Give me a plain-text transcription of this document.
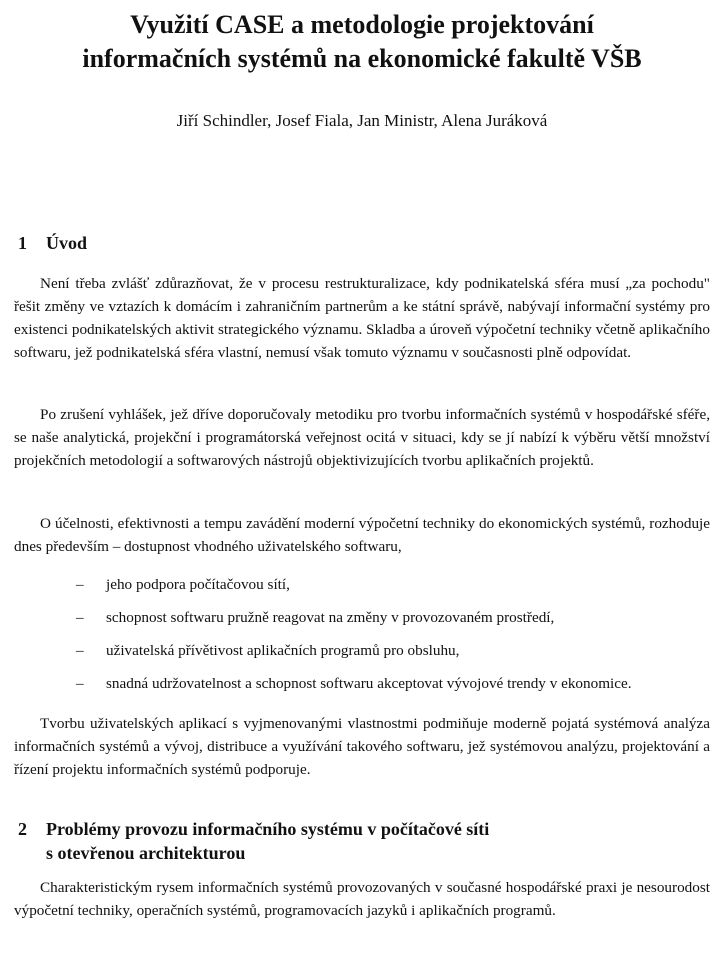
Využití CASE a metodologie projektování
informačních systémů na ekonomické fakultě VŠB
Jiří Schindler, Josef Fiala, Jan Ministr, Alena Juráková
1	Úvod

Není třeba zvlášť zdůrazňovat, že v procesu restrukturalizace, kdy podnikatelská sféra musí „za pochodu" řešit změny ve vztazích k domácím i zahraničním partnerům a ke státní správě, nabývají informační systémy pro existenci podnikatelských aktivit strategického významu. Skladba a úroveň výpočetní techniky včetně aplikačního softwaru, jež podnikatelská sféra vlastní, nemusí však tomuto významu v současnosti plně odpovídat.

Po zrušení vyhlášek, jež dříve doporučovaly metodiku pro tvorbu informačních systémů v hospodářské sféře, se naše analytická, projekční i programátorská veřejnost ocitá v situaci, kdy se jí nabízí k výběru větší množství projekčních metodologií a softwarových nástrojů objektivizujících tvorbu aplikačních projektů.

O účelnosti, efektivnosti a tempu zavádění moderní výpočetní techniky do ekonomických systémů, rozhoduje dnes především – dostupnost vhodného uživatelského softwaru,

– jeho podpora počítačovou sítí,
– schopnost softwaru pružně reagovat na změny v provozovaném prostředí,
– uživatelská přívětivost aplikačních programů pro obsluhu,
– snadná udržovatelnost a schopnost softwaru akceptovat vývojové trendy v ekonomice.

Tvorbu uživatelských aplikací s vyjmenovanými vlastnostmi podmiňuje moderně pojatá systémová analýza informačních systémů a vývoj, distribuce a využívání takového softwaru, jež systémovou analýzu, projektování a řízení projektu informačních systémů podporuje.

2	Problémy provozu informačního systému v počítačové síti
s otevřenou architekturou

Charakteristickým rysem informačních systémů provozovaných v současné hospodářské praxi je nesourodost výpočetní techniky, operačních systémů, programovacích jazyků i aplikačních programů.
